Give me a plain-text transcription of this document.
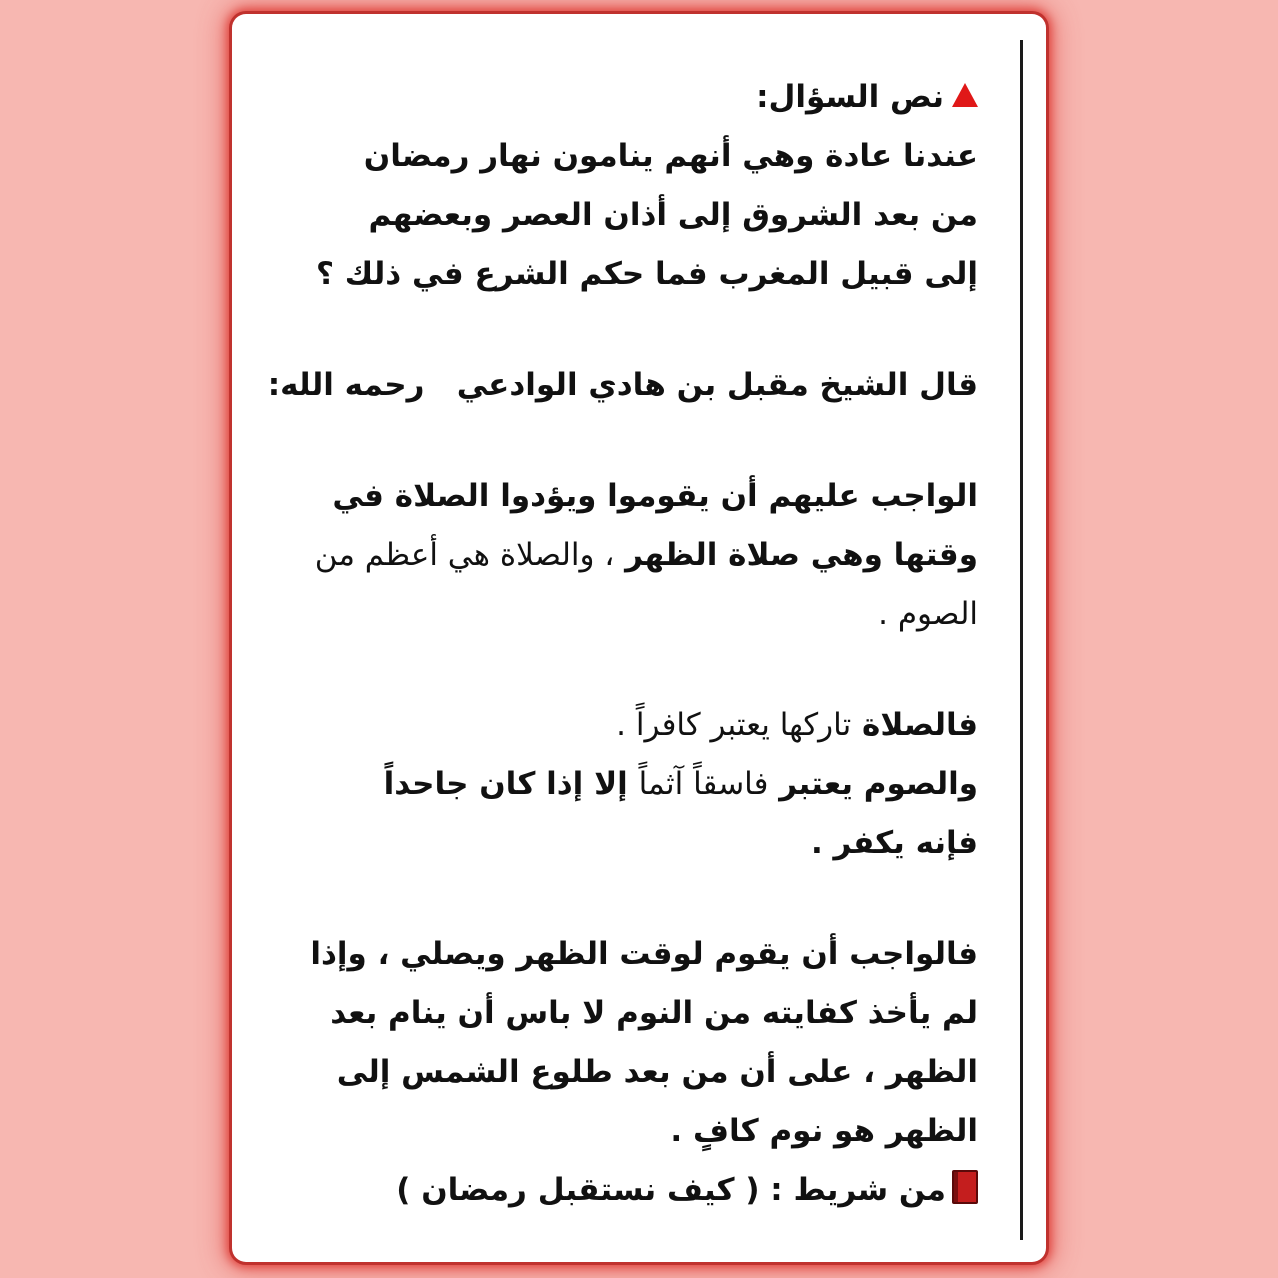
نص السؤال:
عندنا عادة وهي أنهم ينامون نهار رمضان
من بعد الشروق إلى أذان العصر وبعضهم
إلى قبيل المغرب فما حكم الشرع في ذلك ؟
قال الشيخ مقبل بن هادي الوادعي   رحمه الله:
الواجب عليهم أن يقوموا ويؤدوا الصلاة في
وقتها وهي صلاة الظهر ، والصلاة هي أعظم من
الصوم .
فالصلاة تاركها يعتبر كافراً .
والصوم يعتبر فاسقاً آثماً إلا إذا كان جاحداً
فإنه يكفر .
فالواجب أن يقوم لوقت الظهر ويصلي ، وإذا
لم يأخذ كفايته من النوم لا باس أن ينام بعد
الظهر ، على أن من بعد طلوع الشمس إلى
الظهر هو نوم كافٍ .
من شريط : ( كيف نستقبل رمضان )
